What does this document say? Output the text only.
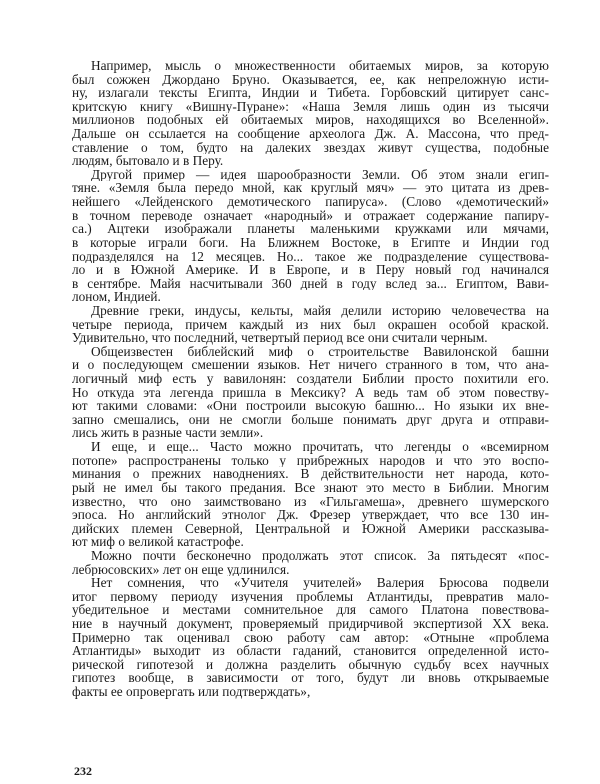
Например, мысль о множественности обитаемых миров, за которую
был сожжен Джордано Бруно. Оказывается, ее, как непреложную исти-
ну, излагали тексты Египта, Индии и Тибета. Горбовский цитирует санс-
критскую книгу «Вишну-Пуране»: «Наша Земля лишь один из тысячи
миллионов подобных ей обитаемых миров, находящихся во Вселенной».
Дальше он ссылается на сообщение археолога Дж. А. Массона, что пред-
ставление о том, будто на далеких звездах живут существа, подобные
людям, бытовало и в Перу.
Другой пример — идея шарообразности Земли. Об этом знали егип-
тяне. «Земля была передо мной, как круглый мяч» — это цитата из древ-
нейшего «Лейденского демотического папируса». (Слово «демотический»
в точном переводе означает «народный» и отражает содержание папиру-
са.) Ацтеки изображали планеты маленькими кружками или мячами,
в которые играли боги. На Ближнем Востоке, в Египте и Индии год
подразделялся на 12 месяцев. Но... такое же подразделение существова-
ло и в Южной Америке. И в Европе, и в Перу новый год начинался
в сентябре. Майя насчитывали 360 дней в году вслед за... Египтом, Вави-
лоном, Индией.
Древние греки, индусы, кельты, майя делили историю человечества на
четыре периода, причем каждый из них был окрашен особой краской.
Удивительно, что последний, четвертый период все они считали черным.
Общеизвестен библейский миф о строительстве Вавилонской башни
и о последующем смешении языков. Нет ничего странного в том, что ана-
логичный миф есть у вавилонян: создатели Библии просто похитили его.
Но откуда эта легенда пришла в Мексику? А ведь там об этом повеству-
ют такими словами: «Они построили высокую башню... Но языки их вне-
запно смешались, они не смогли больше понимать друг друга и отправи-
лись жить в разные части земли».
И еще, и еще... Часто можно прочитать, что легенды о «всемирном
потопе» распространены только у прибрежных народов и что это воспо-
минания о прежних наводнениях. В действительности нет народа, кото-
рый не имел бы такого предания. Все знают это место в Библии. Многим
известно, что оно заимствовано из «Гильгамеша», древнего шумерского
эпоса. Но английский этнолог Дж. Фрезер утверждает, что все 130 ин-
дийских племен Северной, Центральной и Южной Америки рассказыва-
ют миф о великой катастрофе.
Можно почти бесконечно продолжать этот список. За пятьдесят «пос-
лебрюсовских» лет он еще удлинился.
Нет сомнения, что «Учителя учителей» Валерия Брюсова подвели
итог первому периоду изучения проблемы Атлантиды, превратив мало-
убедительное и местами сомнительное для самого Платона повествова-
ние в научный документ, проверяемый придирчивой экспертизой XX века.
Примерно так оценивал свою работу сам автор: «Отныне «проблема
Атлантиды» выходит из области гаданий, становится определенной исто-
рической гипотезой и должна разделить обычную судьбу всех научных
гипотез вообще, в зависимости от того, будут ли вновь открываемые
факты ее опровергать или подтверждать»,
232
